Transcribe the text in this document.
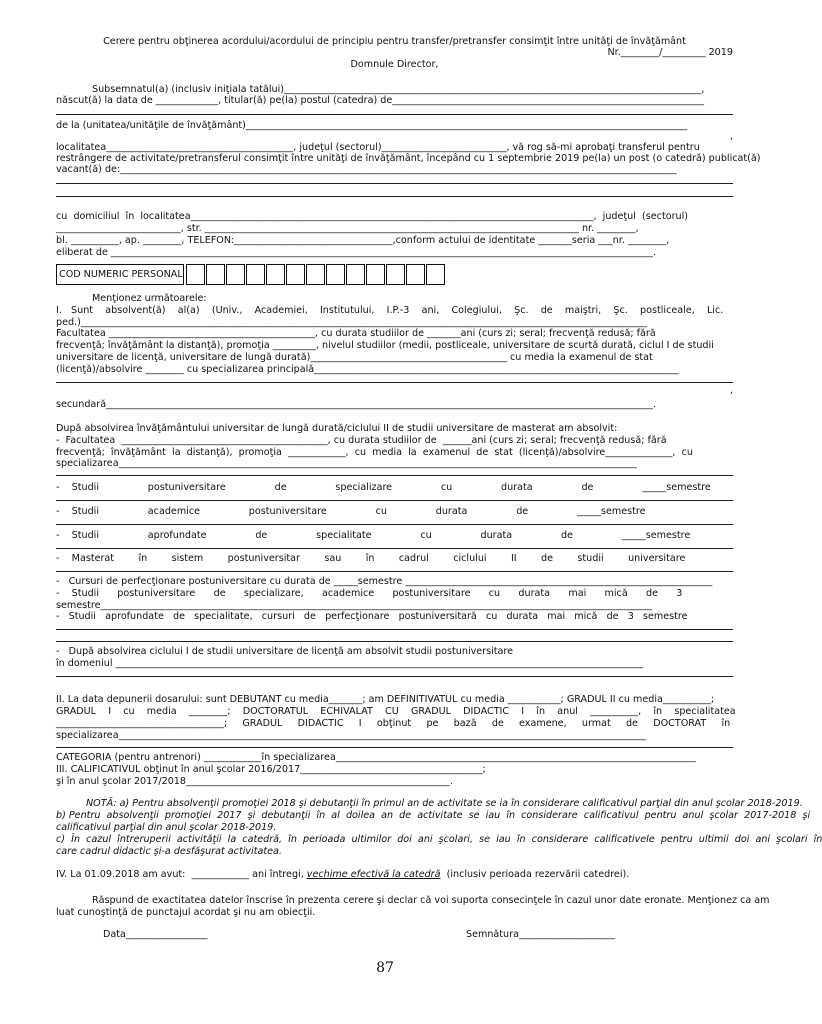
Cerere pentru obţinerea acordului/acordului de principiu pentru transfer/pretransfer consimţit între unităţi de învăţământ
Nr.________/_________ 2019
Domnule Director,
Subsemnatul(a) (inclusiv iniţiala tatălui)_______________________________________________________________________________________,
născut(ă) la data de _____________, titular(ă) pe(la) postul (catedra) de_________________________________________________________________
de la (unitatea/unităţile de învăţământ)____________________________________________________________________________________________
,
localitatea_______________________________________, judeţul (sectorul)__________________________, vă rog să-mi aprobaţi transferul pentru
restrângere de activitate/pretransferul consimţit între unităţi de învăţământ, începând cu 1 septembrie 2019 pe(la) un post (o catedră) publicat(ă)
vacant(ă) de:____________________________________________________________________________________________________________________
cu  domiciliul  în  localitatea____________________________________________________________________________________,  judeţul  (sectorul)
__________________________, str. ______________________________________________________________________________ nr. ________,
bl. __________, ap. ________, TELEFON:_________________________________,conform actului de identitate _______seria ___nr. ________,
eliberat de _________________________________________________________________________________________________________________.
COD NUMERIC PERSONAL
Menţionez următoarele:
I.   Sunt    absolvent(ă)    al(a)    (Univ.,    Academiei,    Institutului,    I.P.-3    ani,    Colegiului,    Şc.    de    maiştri,    Şc.    postliceale,    Lic.
ped.)______________________________________________________________________________________________________________________
Facultatea ___________________________________________, cu durata studiilor de _______ani (curs zi; seral; frecvenţă redusă; fără
frecvenţă; învăţământ la distanţă), promoţia _________, nivelul studiilor (medii, postliceale, universitare de scurtă durată, ciclul I de studii
universitare de licenţă, universitare de lungă durată)_________________________________________ cu media la examenul de stat
(licenţă)/absolvire ________ cu specializarea principală____________________________________________________________________________
,
secundară__________________________________________________________________________________________________________________.
După absolvirea învăţământului universitar de lungă durată/ciclului II de studii universitare de masterat am absolvit:
-  Facultatea  ___________________________________________, cu durata studiilor de  ______ani (curs zi; seral; frecvenţă redusă; fără
frecvenţă;  învăţământ  la  distanţă),  promoţia  ____________,  cu  media  la  examenul  de  stat  (licenţă)/absolvire______________,  cu
specializarea____________________________________________________________________________________________________________
-    Studii                postuniversitare                de                specializare                cu                durata                de                _____semestre
-    Studii                academice                postuniversitare                cu                durata                de                _____semestre
-    Studii                aprofundate                de                specialitate                cu                durata                de                _____semestre
-    Masterat        în        sistem        postuniversitar        sau        în        cadrul        ciclului        II        de        studii        universitare
-   Cursuri de perfecţionare postuniversitare cu durata de _____semestre ________________________________________________________________
-    Studii      postuniversitare      de      specializare,      academice      postuniversitare      cu      durata      mai      mică      de      3
semestre___________________________________________________________________________________________________________________
-   Studii   aprofundate   de   specialitate,   cursuri   de   perfecţionare   postuniversitară   cu   durata   mai   mică   de   3   semestre
-   După absolvirea ciclului I de studii universitare de licenţă am absolvit studii postuniversitare
în domeniul ______________________________________________________________________________________________________________
II. La data depunerii dosarului: sunt DEBUTANT cu media_______; am DEFINITIVATUL cu media ___________; GRADUL II cu media__________;
GRADUL    I    cu    media    ________;    DOCTORATUL    ECHIVALAT    CU    GRADUL    DIDACTIC    I    în    anul    __________,    în    specialitatea
___________________________________;     GRADUL     DIDACTIC     I     obţinut     pe     bază     de     examene,     urmat     de     DOCTORAT     în
specializarea______________________________________________________________________________________________________________
CATEGORIA (pentru antrenori) ____________în specializarea___________________________________________________________________________
III. CALIFICATIVUL obţinut în anul şcolar 2016/2017______________________________________;
şi în anul şcolar 2017/2018_______________________________________________________.
NOTĂ: a) Pentru absolvenţii promoţiei 2018 şi debutanţii în primul an de activitate se ia în considerare calificativul parţial din anul şcolar 2018-2019.
b) Pentru  absolvenţii  promoţiei  2017  şi  debutanţii  în  al  doilea  an  de  activitate  se  iau  în  considerare  calificativul  pentru  anul  şcolar  2017-2018  şi
calificativul parţial din anul şcolar 2018-2019.
c)  În  cazul  întreruperii  activităţii  la  catedră,  în  perioada  ultimilor  doi  ani  şcolari,  se  iau  în  considerare  calificativele  pentru  ultimii  doi  ani  şcolari  în
care cadrul didactic şi-a desfăşurat activitatea.
IV. La 01.09.2018 am avut:  ____________ ani întregi, vechime efectivă la catedră  (inclusiv perioada rezervării catedrei).
Răspund de exactitatea datelor înscrise în prezenta cerere şi declar că voi suporta consecinţele în cazul unor date eronate. Menţionez ca am
luat cunoştinţă de punctajul acordat şi nu am obiecţii.
Data_________________	Semnătura____________________
87
